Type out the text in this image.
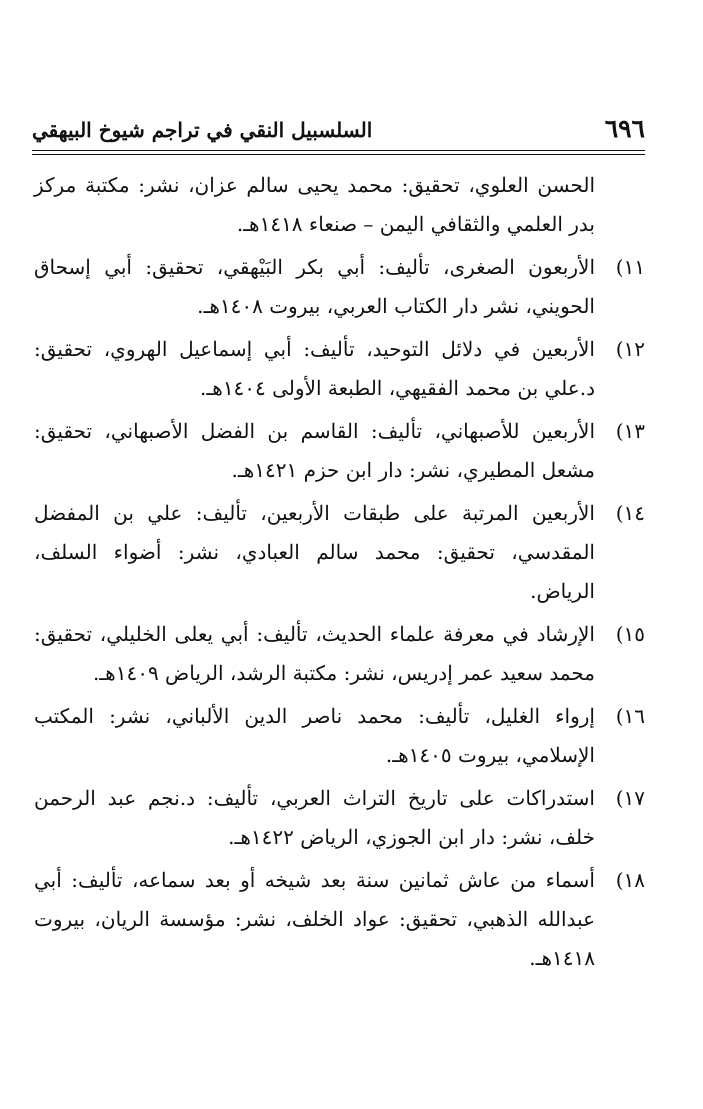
٦٩٦
السلسبيل النقي في تراجم شيوخ البيهقي
الحسن العلوي، تحقيق: محمد يحيى سالم عزان، نشر: مكتبة مركز بدر العلمي والثقافي اليمن – صنعاء ١٤١٨هـ.
١١)
الأربعون الصغرى، تأليف: أبي بكر البَيْهقي، تحقيق: أبي إسحاق الحويني، نشر دار الكتاب العربي، بيروت ١٤٠٨هـ.
١٢)
الأربعين في دلائل التوحيد، تأليف: أبي إسماعيل الهروي، تحقيق: د.علي بن محمد الفقيهي، الطبعة الأولى ١٤٠٤هـ.
١٣)
الأربعين للأصبهاني، تأليف: القاسم بن الفضل الأصبهاني، تحقيق: مشعل المطيري، نشر: دار ابن حزم ١٤٢١هـ.
١٤)
الأربعين المرتبة على طبقات الأربعين، تأليف: علي بن المفضل المقدسي، تحقيق: محمد سالم العبادي، نشر: أضواء السلف، الرياض.
١٥)
الإرشاد في معرفة علماء الحديث، تأليف: أبي يعلى الخليلي، تحقيق: محمد سعيد عمر إدريس، نشر: مكتبة الرشد، الرياض ١٤٠٩هـ.
١٦)
إرواء الغليل، تأليف: محمد ناصر الدين الألباني، نشر: المكتب الإسلامي، بيروت ١٤٠٥هـ.
١٧)
استدراكات على تاريخ التراث العربي، تأليف: د.نجم عبد الرحمن خلف، نشر: دار ابن الجوزي، الرياض ١٤٢٢هـ.
١٨)
أسماء من عاش ثمانين سنة بعد شيخه أو بعد سماعه، تأليف: أبي عبدالله الذهبي، تحقيق: عواد الخلف، نشر: مؤسسة الريان، بيروت ١٤١٨هـ.
